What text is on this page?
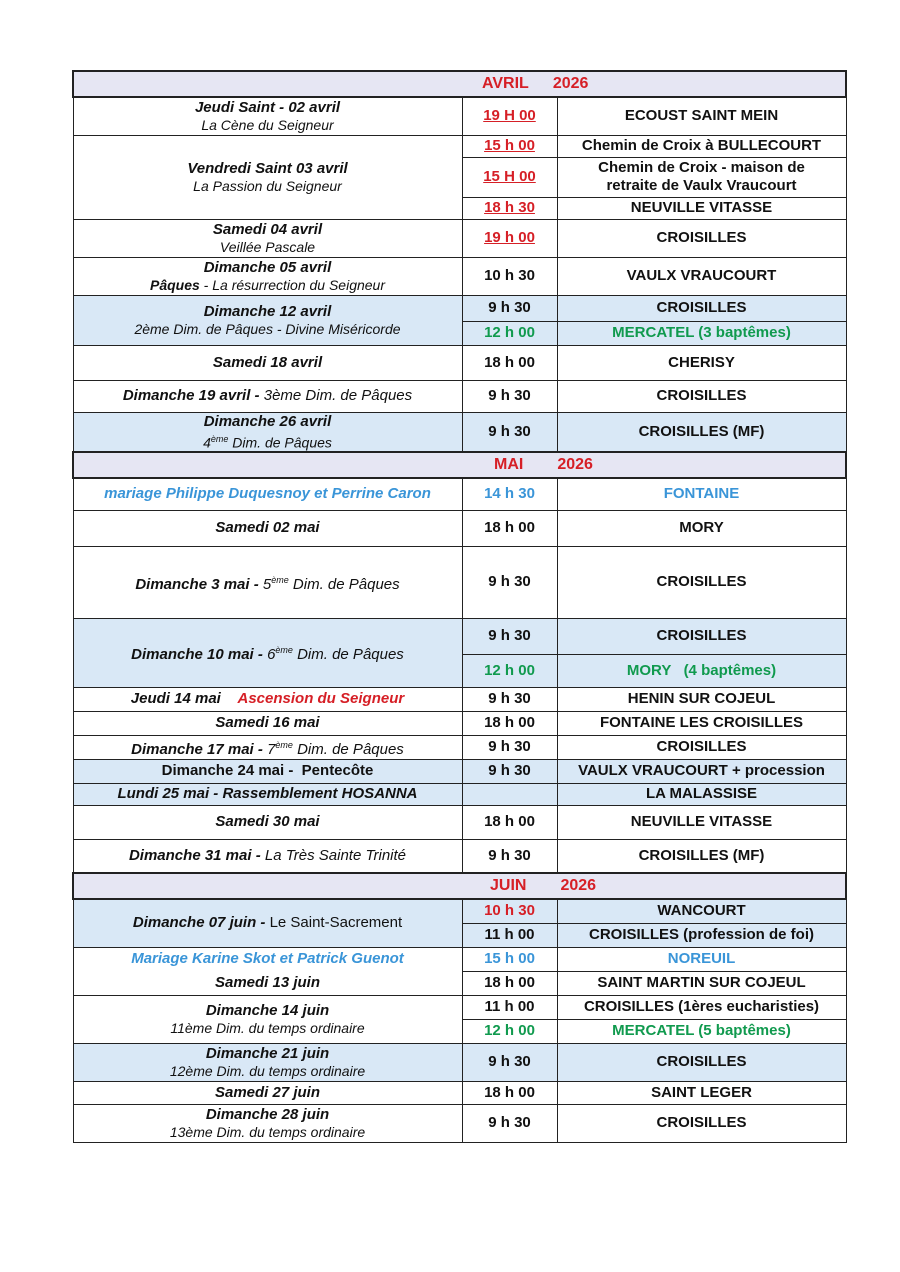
	AVRIL 2026	
Jeudi Saint - 02 avril
La Cène du Seigneur	19 H 00	ECOUST SAINT MEIN
Vendredi Saint 03 avril
La Passion du Seigneur	15 h 00	Chemin de Croix à BULLECOURT
	15 H 00	Chemin de Croix - maison de
retraite de Vaulx Vraucourt
	18 h 30	NEUVILLE VITASSE
Samedi 04 avril
Veillée Pascale	19 h 00	CROISILLES
Dimanche 05 avril
Pâques - La résurrection du Seigneur	10 h 30	VAULX VRAUCOURT
Dimanche 12 avril
2ème Dim. de Pâques - Divine Miséricorde	9 h 30	CROISILLES
	12 h 00	MERCATEL (3 baptêmes)
Samedi 18 avril	18 h 00	CHERISY
Dimanche 19 avril - 3ème Dim. de Pâques	9 h 30	CROISILLES
Dimanche 26 avril
4ème Dim. de Pâques	9 h 30	CROISILLES (MF)
	MAI 2026	
mariage Philippe Duquesnoy et Perrine Caron	14 h 30	FONTAINE
Samedi 02 mai	18 h 00	MORY
Dimanche 3 mai - 5ème Dim. de Pâques	9 h 30	CROISILLES
Dimanche 10 mai - 6ème Dim. de Pâques	9 h 30	CROISILLES
	12 h 00	MORY   (4 baptêmes)
Jeudi 14 mai Ascension du Seigneur	9 h 30	HENIN SUR COJEUL
Samedi 16 mai	18 h 00	FONTAINE LES CROISILLES
Dimanche 17 mai - 7ème Dim. de Pâques	9 h 30	CROISILLES
Dimanche 24 mai -  Pentecôte	9 h 30	VAULX VRAUCOURT + procession
Lundi 25 mai - Rassemblement HOSANNA		LA MALASSISE
Samedi 30 mai	18 h 00	NEUVILLE VITASSE
Dimanche 31 mai - La Très Sainte Trinité	9 h 30	CROISILLES (MF)
	JUIN 2026	
Dimanche 07 juin - Le Saint-Sacrement	10 h 30	WANCOURT
	11 h 00	CROISILLES (profession de foi)
Mariage Karine Skot et Patrick Guenot	15 h 00	NOREUIL
Samedi 13 juin	18 h 00	SAINT MARTIN SUR COJEUL
Dimanche 14 juin
11ème Dim. du temps ordinaire	11 h 00	CROISILLES (1ères eucharisties)
	12 h 00	MERCATEL (5 baptêmes)
Dimanche 21 juin
12ème Dim. du temps ordinaire	9 h 30	CROISILLES
Samedi 27 juin	18 h 00	SAINT LEGER
Dimanche 28 juin
13ème Dim. du temps ordinaire	9 h 30	CROISILLES
